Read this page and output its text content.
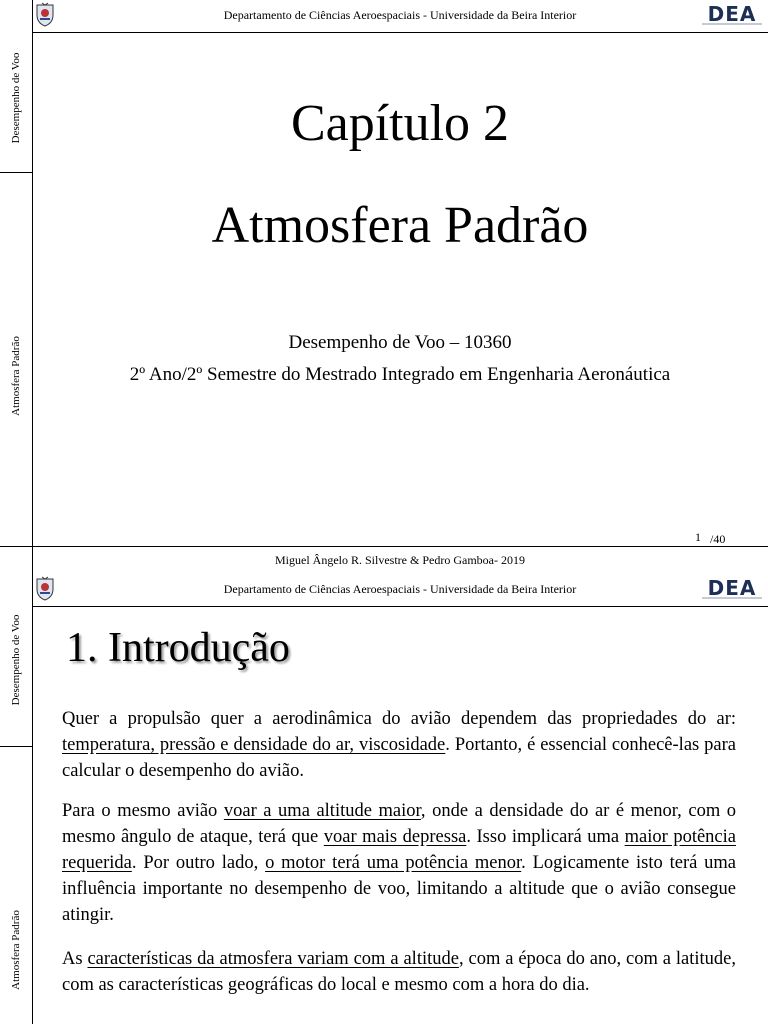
Desempenho de Voo
Atmosfera Padrão
Departamento de Ciências Aeroespaciais - Universidade da Beira Interior	DEA
Capítulo 2
Atmosfera Padrão
Desempenho de Voo – 10360
2º Ano/2º Semestre do Mestrado Integrado em Engenharia Aeronáutica
1 /40
Miguel Ângelo R. Silvestre & Pedro Gamboa- 2019
Desempenho de Voo
Atmosfera Padrão
Departamento de Ciências Aeroespaciais - Universidade da Beira Interior	DEA
1. Introdução
Quer a propulsão quer a aerodinâmica do avião dependem das propriedades do ar: temperatura, pressão e densidade do ar, viscosidade. Portanto, é essencial conhecê-las para calcular o desempenho do avião.
Para o mesmo avião voar a uma altitude maior, onde a densidade do ar é menor, com o mesmo ângulo de ataque, terá que voar mais depressa. Isso implicará uma maior potência requerida. Por outro lado, o motor terá uma potência menor. Logicamente isto terá uma influência importante no desempenho de voo, limitando a altitude que o avião consegue atingir.
As características da atmosfera variam com a altitude, com a época do ano, com a latitude, com as características geográficas do local e mesmo com a hora do dia.
